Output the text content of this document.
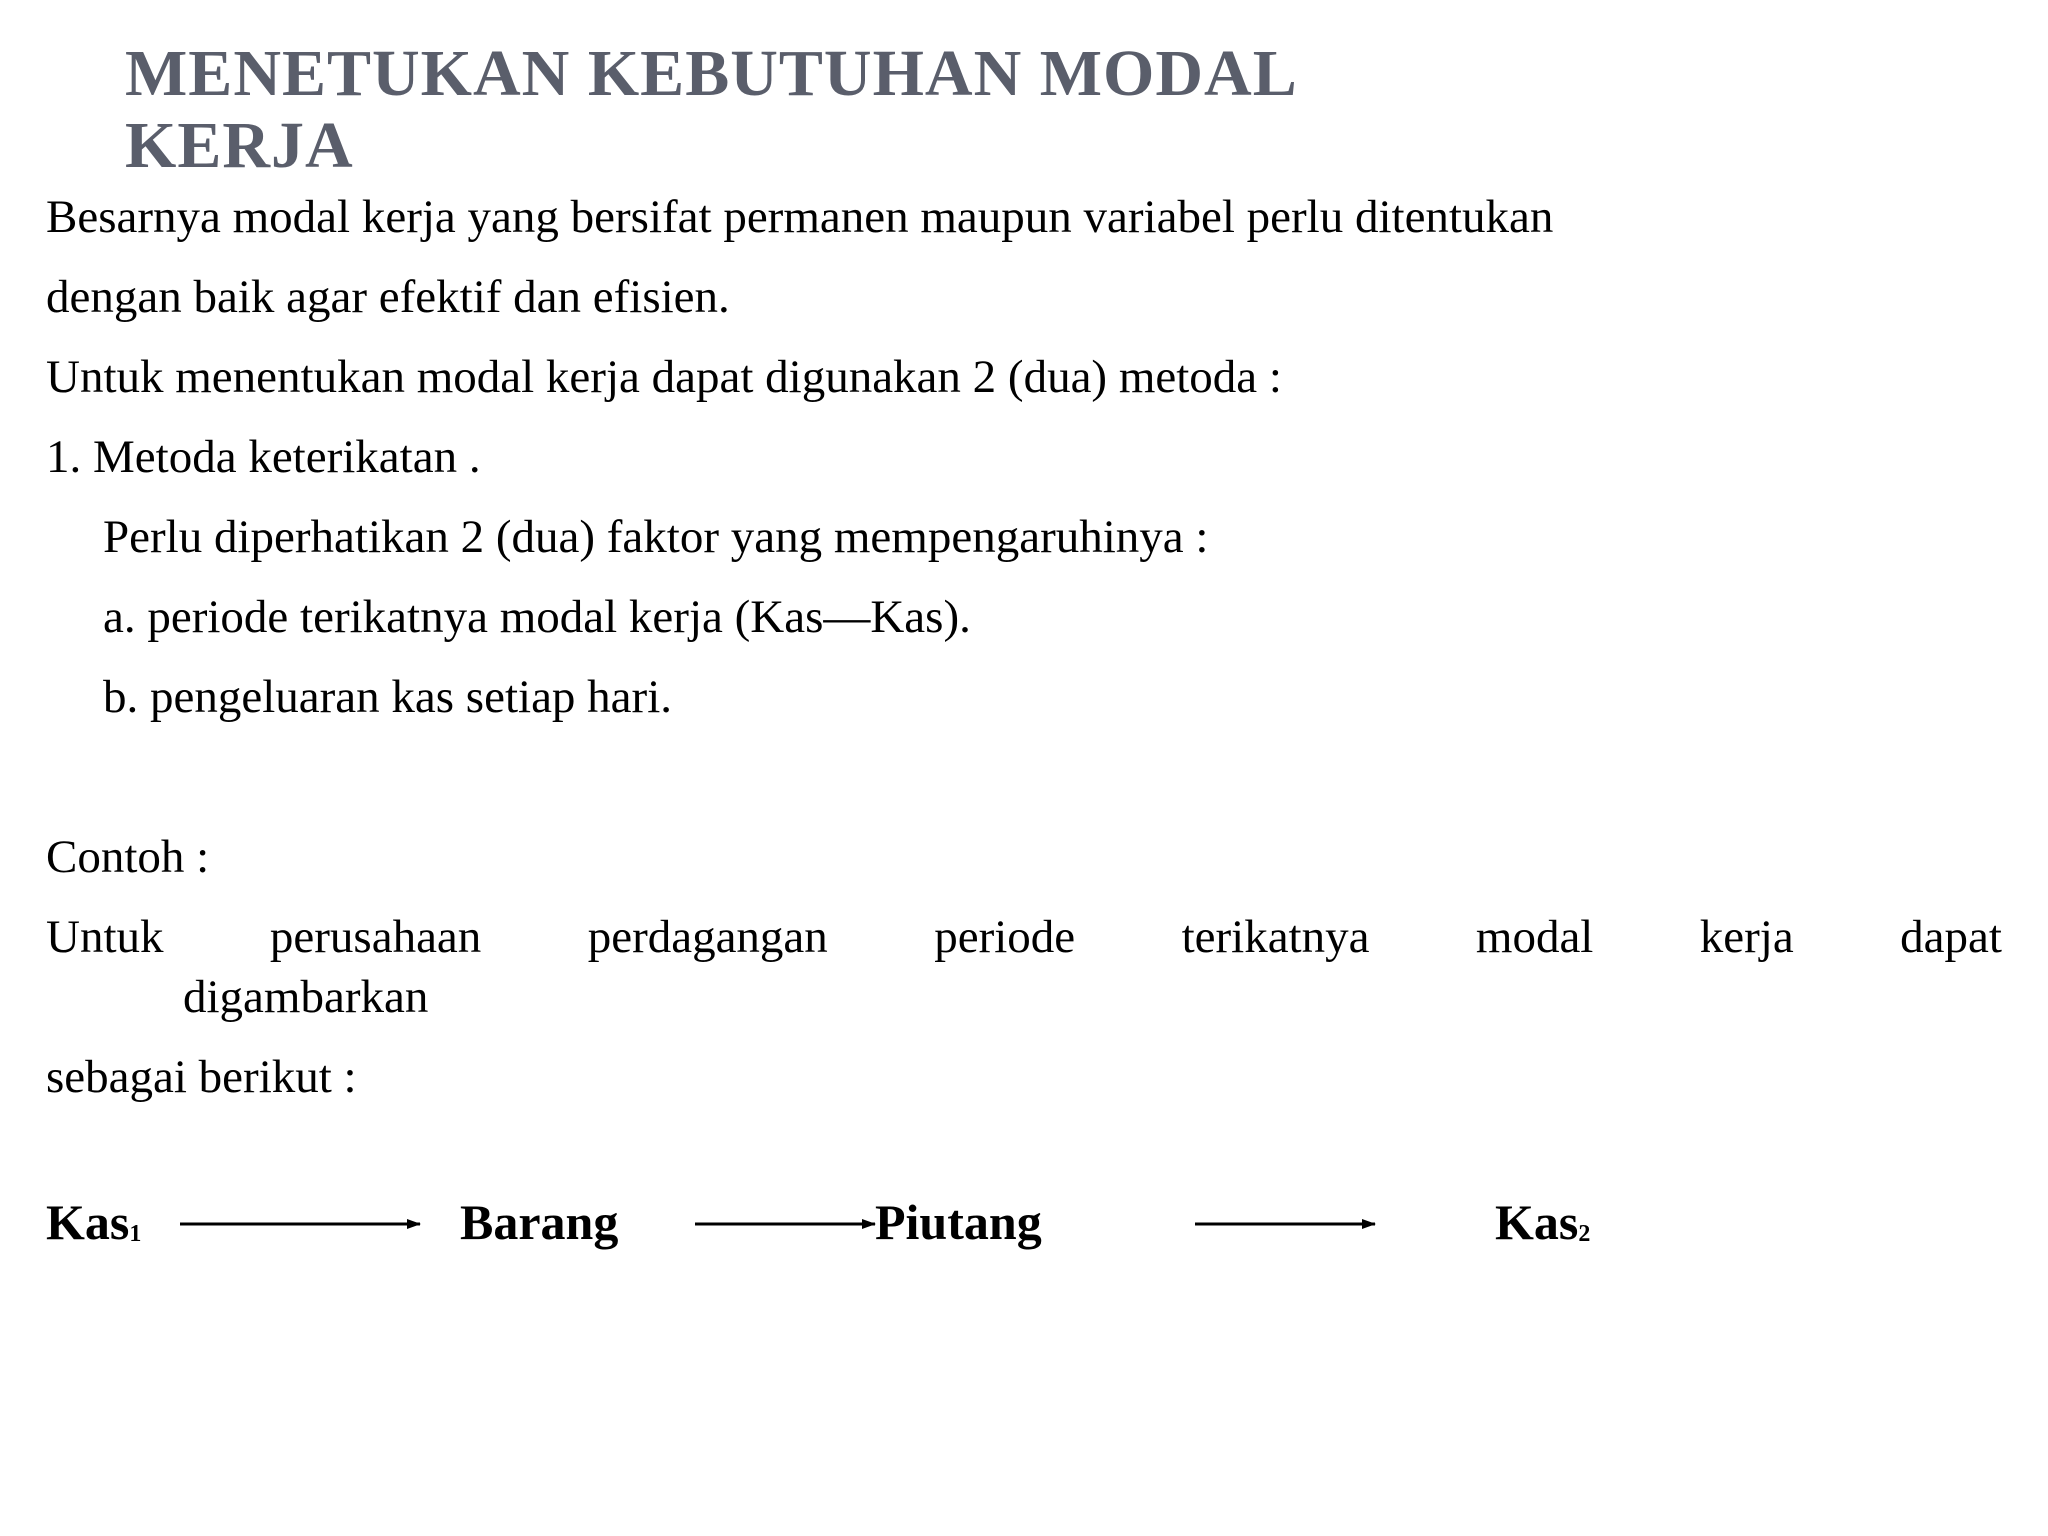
MENETUKAN KEBUTUHAN MODAL
KERJA
Besarnya modal kerja yang bersifat permanen maupun variabel perlu ditentukan
dengan baik agar efektif dan efisien.
Untuk menentukan modal kerja dapat digunakan 2 (dua) metoda :
1. Metoda keterikatan .
Perlu diperhatikan 2 (dua) faktor yang mempengaruhinya :
a. periode terikatnya modal kerja (Kas—Kas).
b. pengeluaran kas setiap hari.
Contoh :
Untuk perusahaan perdagangan periode terikatnya modal kerja dapat
digambarkan
sebagai berikut :
Kas$_1$	Barang	Piutang	Kas$_2$
